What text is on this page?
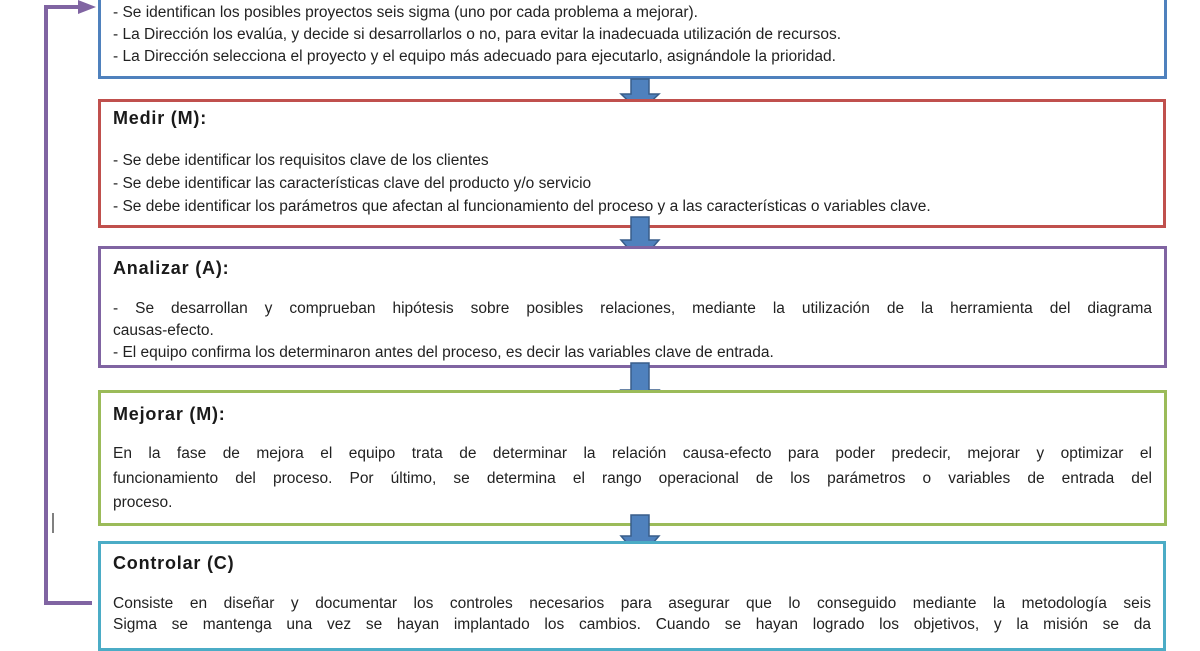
- Se identifican los posibles proyectos seis sigma (uno por cada problema a mejorar).
- La Dirección los evalúa, y decide si desarrollarlos o no, para evitar la inadecuada utilización de recursos.
- La Dirección selecciona el proyecto y el equipo más adecuado para ejecutarlo, asignándole la prioridad.
Medir (M):
- Se debe identificar los requisitos clave de los clientes
- Se debe identificar las características clave del producto y/o servicio
- Se debe identificar los parámetros que afectan al funcionamiento del proceso y a las características o variables clave.
Analizar (A):
- Se desarrollan y comprueban hipótesis sobre posibles relaciones, mediante la utilización de la herramienta del diagrama
causas-efecto.
- El equipo confirma los determinaron antes del proceso, es decir las variables clave de entrada.
Mejorar (M):
En la fase de mejora el equipo trata de determinar la relación causa-efecto para poder predecir, mejorar y optimizar el
funcionamiento del proceso. Por último, se determina el rango operacional de los parámetros o variables de entrada del
proceso.
Controlar (C)
Consiste en diseñar y documentar los controles necesarios para asegurar que lo conseguido mediante la metodología seis
Sigma se mantenga una vez se hayan implantado los cambios. Cuando se hayan logrado los objetivos, y la misión se da
